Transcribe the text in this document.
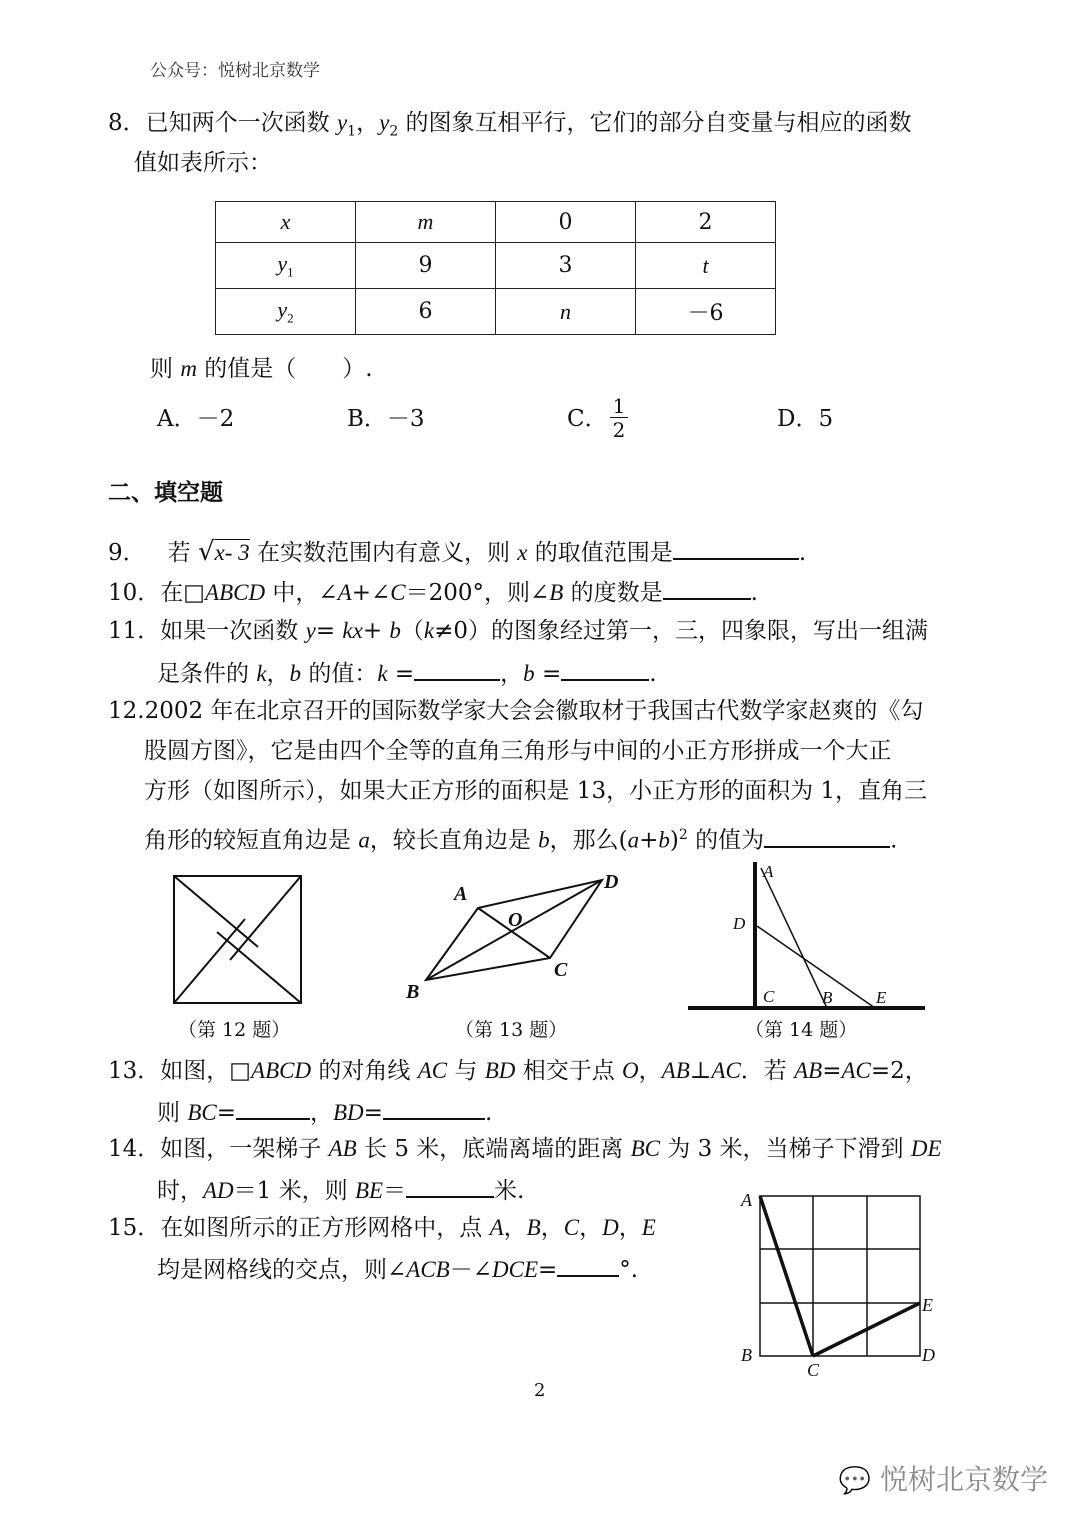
公众号：悦树北京数学
8．已知两个一次函数 $y_1$，$y_2$ 的图象互相平行，它们的部分自变量与相应的函数
值如表所示：
x	m	0	2
$y_1$	9	3	t
$y_2$	6	n	－6
则 m 的值是（　　）.
A．－2	B．－3	C． 1
2	D．5
二、填空题
9． 若 √x- 3 在实数范围内有意义，则 x 的取值范围是	.
10．在□ABCD 中，∠A+∠C＝200°，则∠B 的度数是	.
11．如果一次函数 y= kx+ b（k≠0）的图象经过第一，三，四象限，写出一组满
足条件的 k，b 的值：k =	，b =	.
12.2002 年在北京召开的国际数学家大会会徽取材于我国古代数学家赵爽的《勾
股圆方图》，它是由四个全等的直角三角形与中间的小正方形拼成一个大正
方形（如图所示），如果大正方形的面积是 13，小正方形的面积为 1，直角三
角形的较短直角边是 a，较长直角边是 b，那么$(a+b)^2$ 的值为	.
（第 12 题）
A
D
O
C
B
（第 13 题）
A
D
C	B	E
（第 14 题）
13．如图，□ABCD 的对角线 AC 与 BD 相交于点 O，AB⊥AC．若 AB=AC=2，
则 BC=	，BD=	.
14．如图，一架梯子 AB 长 5 米，底端离墙的距离 BC 为 3 米，当梯子下滑到 DE
时，AD＝1 米，则 BE＝	米.
15．在如图所示的正方形网格中，点 A，B，C，D，E
均是网格线的交点，则∠ACB－∠DCE=	°.
A
B
C
D
E
2
💬 悦树北京数学
